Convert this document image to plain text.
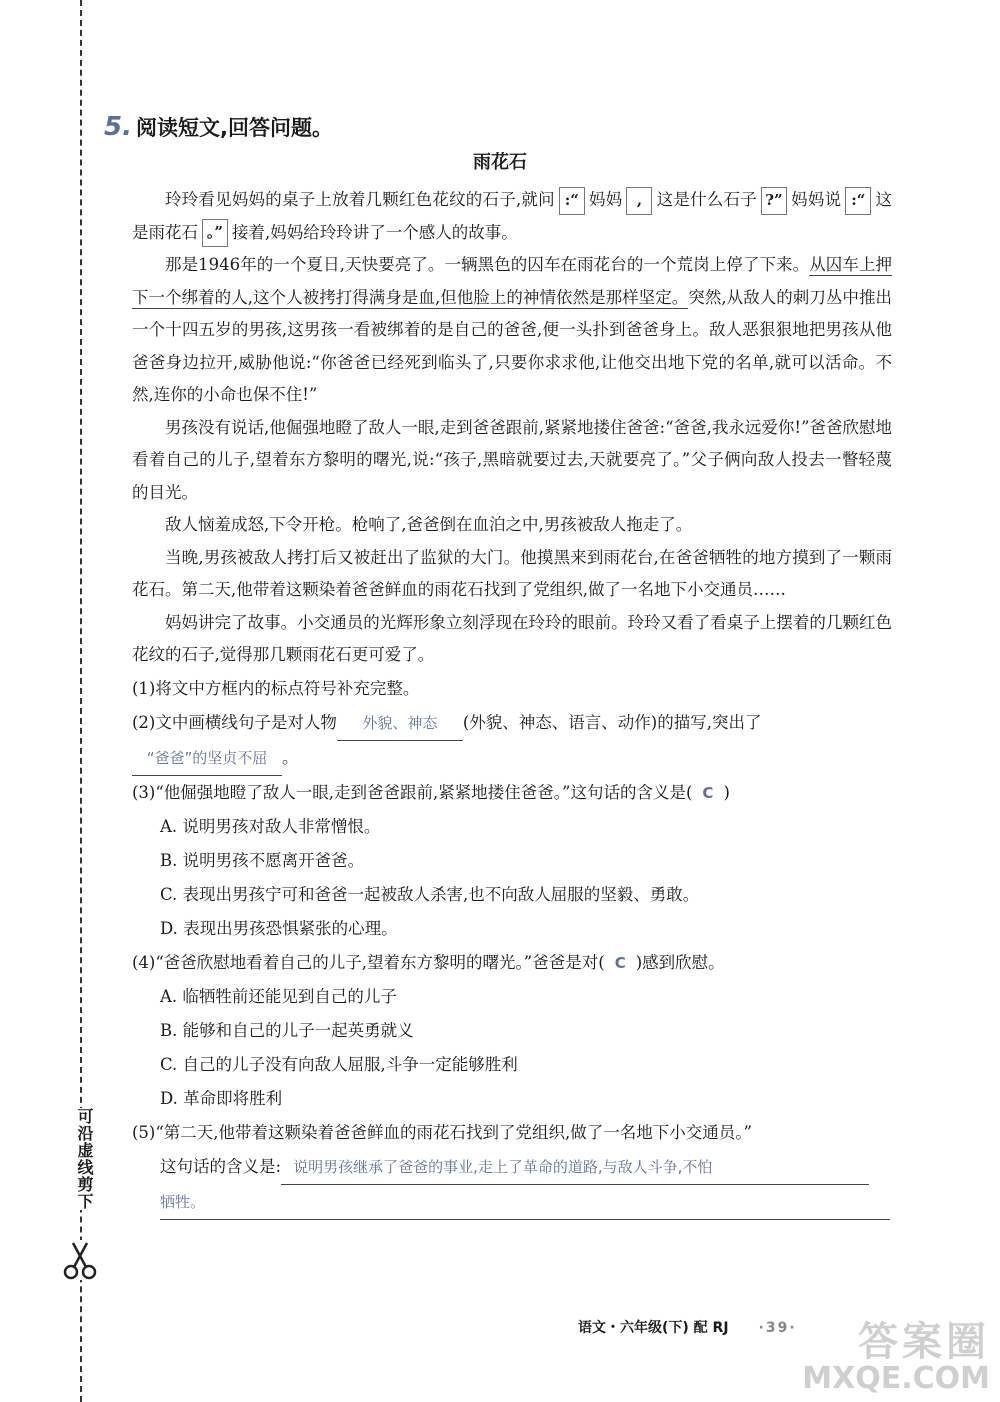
可沿虚线剪下
5. 阅读短文,回答问题。
雨花石

玲玲看见妈妈的桌子上放着几颗红色花纹的石子,就问 :“ 妈妈 , 这是什么石子 ?” 妈妈说 :“ 这是雨花石 。” 接着,妈妈给玲玲讲了一个感人的故事。

那是1946年的一个夏日,天快要亮了。一辆黑色的囚车在雨花台的一个荒岗上停了下来。从囚车上押下一个绑着的人,这个人被拷打得满身是血,但他脸上的神情依然是那样坚定。突然,从敌人的刺刀丛中推出一个十四五岁的男孩,这男孩一看被绑着的是自己的爸爸,便一头扑到爸爸身上。敌人恶狠狠地把男孩从他爸爸身边拉开,威胁他说:“你爸爸已经死到临头了,只要你求求他,让他交出地下党的名单,就可以活命。不然,连你的小命也保不住!”

男孩没有说话,他倔强地瞪了敌人一眼,走到爸爸跟前,紧紧地搂住爸爸:“爸爸,我永远爱你!”爸爸欣慰地看着自己的儿子,望着东方黎明的曙光,说:“孩子,黑暗就要过去,天就要亮了。”父子俩向敌人投去一瞥轻蔑的目光。

敌人恼羞成怒,下令开枪。枪响了,爸爸倒在血泊之中,男孩被敌人拖走了。

当晚,男孩被敌人拷打后又被赶出了监狱的大门。他摸黑来到雨花台,在爸爸牺牲的地方摸到了一颗雨花石。第二天,他带着这颗染着爸爸鲜血的雨花石找到了党组织,做了一名地下小交通员……

妈妈讲完了故事。小交通员的光辉形象立刻浮现在玲玲的眼前。玲玲又看了看桌子上摆着的几颗红色花纹的石子,觉得那几颗雨花石更可爱了。

(1)将文中方框内的标点符号补充完整。
(2)文中画横线句子是对人物 外貌、神态 (外貌、神态、语言、动作)的描写,突出了“爸爸”的坚贞不屈 。
(3)“他倔强地瞪了敌人一眼,走到爸爸跟前,紧紧地搂住爸爸。”这句话的含义是( C )
A. 说明男孩对敌人非常憎恨。
B. 说明男孩不愿离开爸爸。
C. 表现出男孩宁可和爸爸一起被敌人杀害,也不向敌人屈服的坚毅、勇敢。
D. 表现出男孩恐惧紧张的心理。
(4)“爸爸欣慰地看着自己的儿子,望着东方黎明的曙光。”爸爸是对( C )感到欣慰。
A. 临牺牲前还能见到自己的儿子
B. 能够和自己的儿子一起英勇就义
C. 自己的儿子没有向敌人屈服,斗争一定能够胜利
D. 革命即将胜利
(5)“第二天,他带着这颗染着爸爸鲜血的雨花石找到了党组织,做了一名地下小交通员。”
这句话的含义是: 说明男孩继承了爸爸的事业,走上了革命的道路,与敌人斗争,不怕
牺牲。
语文・六年级(下) 配 RJ ·39·	答案圈
MXQE.COM
